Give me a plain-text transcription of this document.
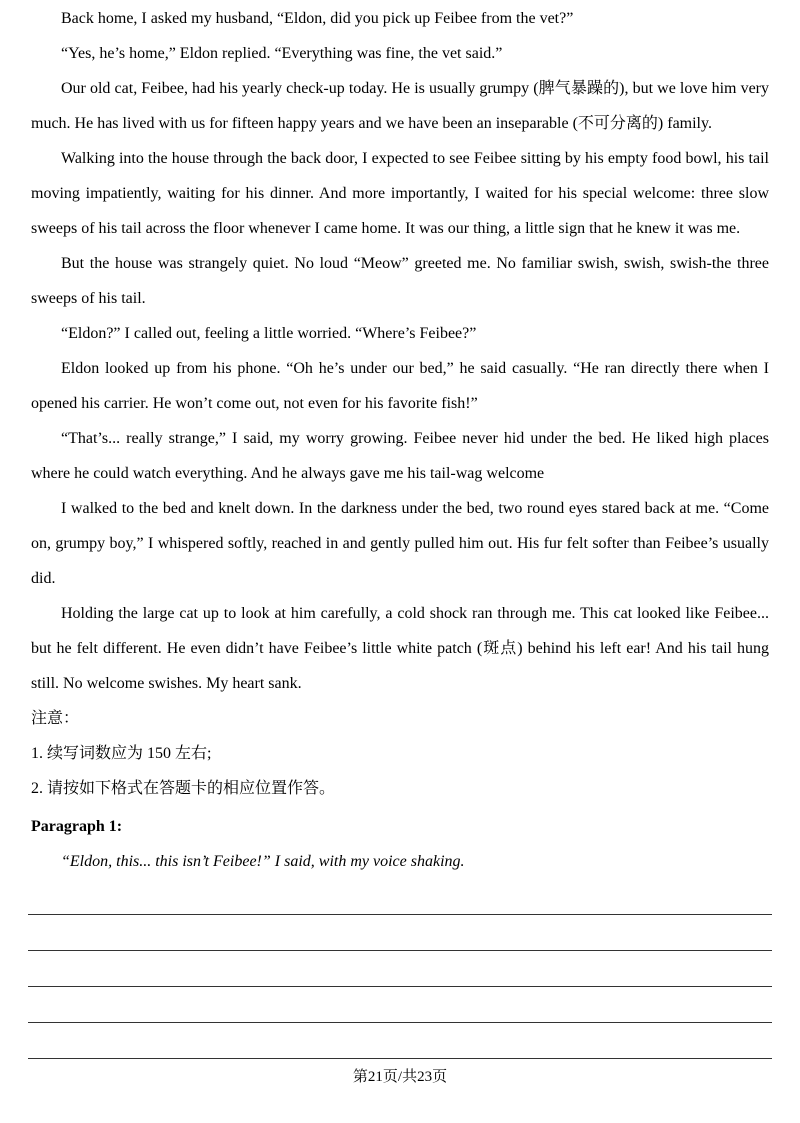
Back home, I asked my husband, “Eldon, did you pick up Feibee from the vet?”

“Yes, he’s home,” Eldon replied. “Everything was fine, the vet said.”

Our old cat, Feibee, had his yearly check-up today. He is usually grumpy (脾气暴躁的), but we love him very much. He has lived with us for fifteen happy years and we have been an inseparable (不可分离的) family.

Walking into the house through the back door, I expected to see Feibee sitting by his empty food bowl, his tail moving impatiently, waiting for his dinner. And more importantly, I waited for his special welcome: three slow sweeps of his tail across the floor whenever I came home. It was our thing, a little sign that he knew it was me.

But the house was strangely quiet. No loud “Meow” greeted me. No familiar swish, swish, swish-the three sweeps of his tail.

“Eldon?” I called out, feeling a little worried. “Where’s Feibee?”

Eldon looked up from his phone. “Oh he’s under our bed,” he said casually. “He ran directly there when I opened his carrier. He won’t come out, not even for his favorite fish!”

“That’s... really strange,” I said, my worry growing. Feibee never hid under the bed. He liked high places where he could watch everything. And he always gave me his tail-wag welcome

I walked to the bed and knelt down. In the darkness under the bed, two round eyes stared back at me. “Come on, grumpy boy,” I whispered softly, reached in and gently pulled him out. His fur felt softer than Feibee’s usually did.

Holding the large cat up to look at him carefully, a cold shock ran through me. This cat looked like Feibee... but he felt different. He even didn’t have Feibee’s little white patch (斑点) behind his left ear! And his tail hung still. No welcome swishes. My heart sank.

注意：

1. 续写词数应为 150 左右;

2. 请按如下格式在答题卡的相应位置作答。

Paragraph 1:

“Eldon, this... this isn’t Feibee!” I said, with my voice shaking.

第21页/共23页
